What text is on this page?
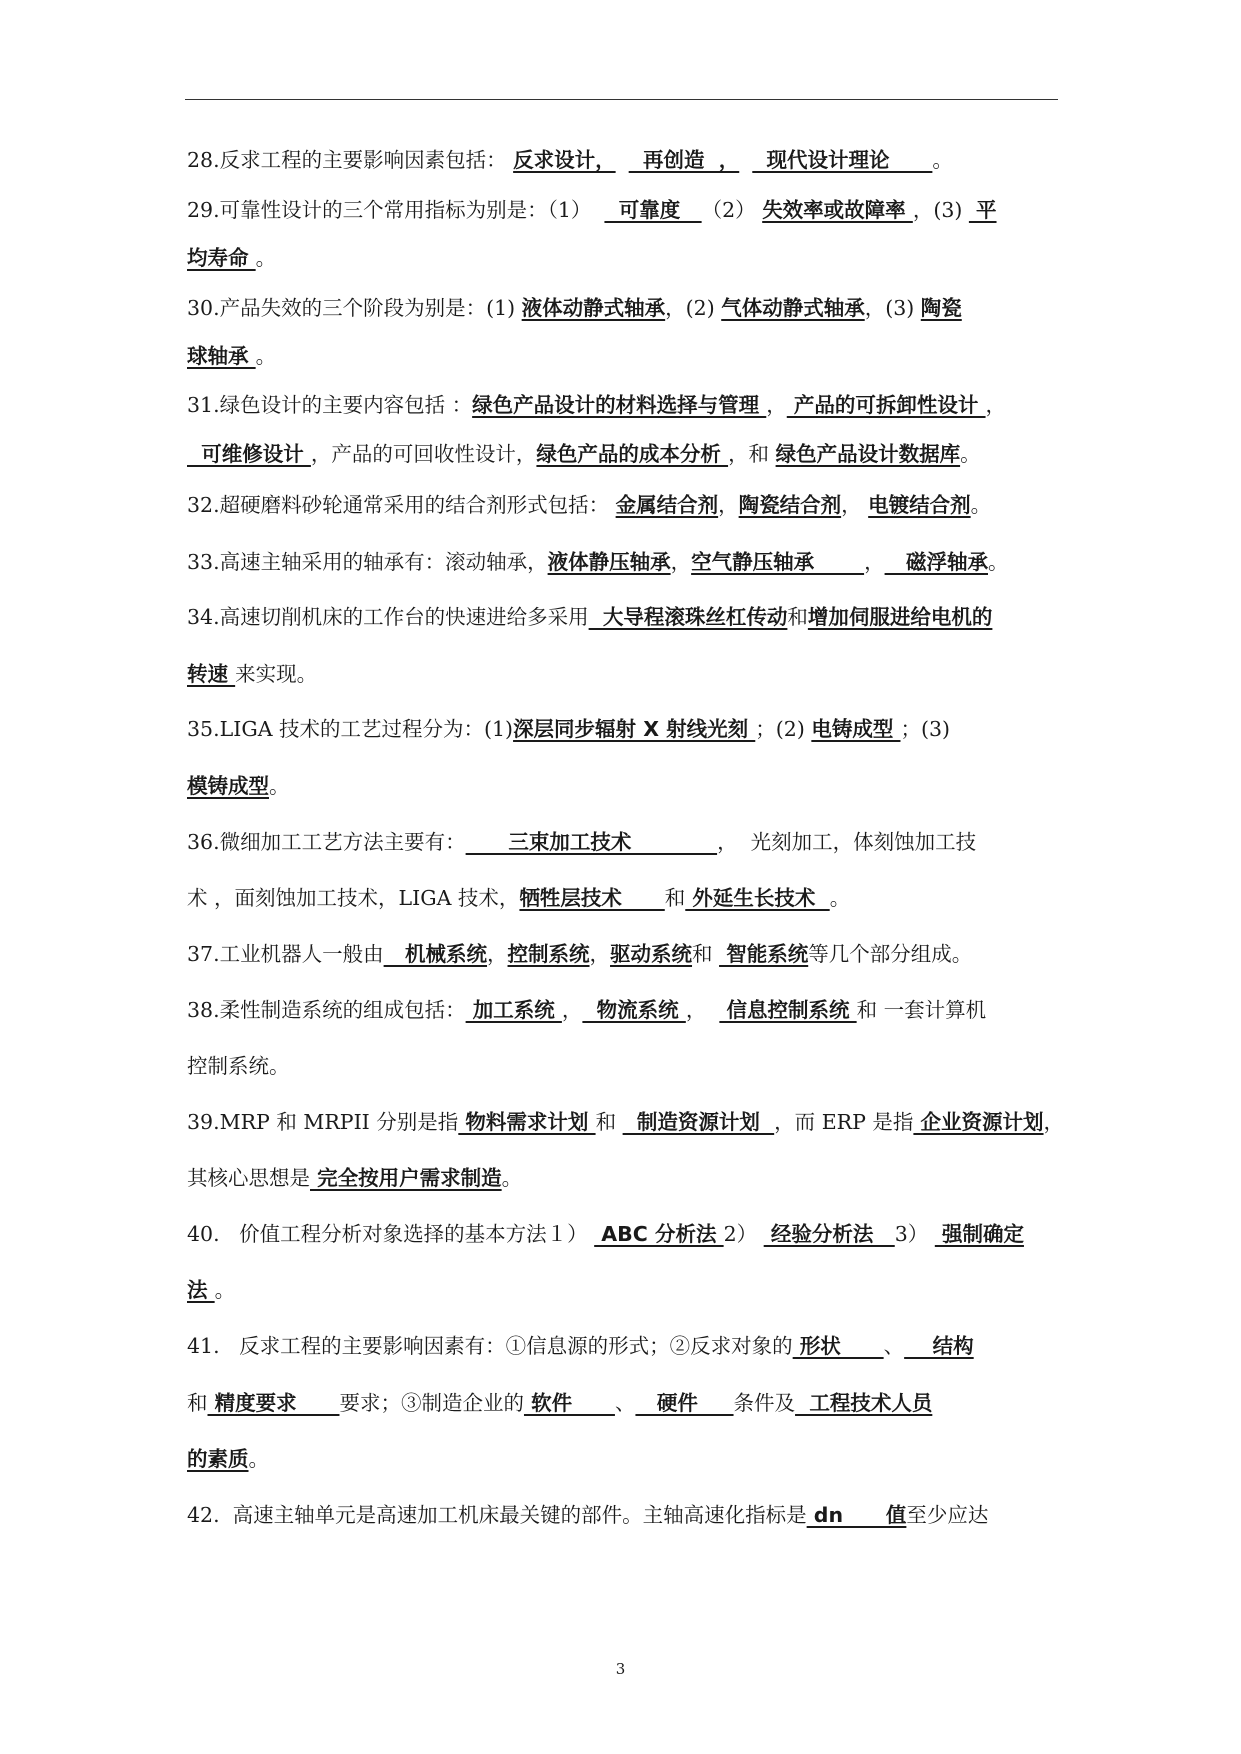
28.反求工程的主要影响因素包括： 反求设计，    再创造  ，    现代设计理论      。
29.可靠性设计的三个常用指标为别是：（1）    可靠度   （2） 失效率或故障率 ，(3)  平
均寿命 。
30.产品失效的三个阶段为别是：(1) 液体动静式轴承，(2) 气体动静式轴承，(3) 陶瓷
球轴承 。
31.绿色设计的主要内容包括 ：绿色产品设计的材料选择与管理 ， 产品的可拆卸性设计 ，
可维修设计 ，产品的可回收性设计，绿色产品的成本分析 ，和 绿色产品设计数据库。
32.超硬磨料砂轮通常采用的结合剂形式包括： 金属结合剂，陶瓷结合剂， 电镀结合剂。
33.高速主轴采用的轴承有：滚动轴承，液体静压轴承，空气静压轴承       ，   磁浮轴承。
34.高速切削机床的工作台的快速进给多采用  大导程滚珠丝杠传动和增加伺服进给电机的
转速 来实现。
35.LIGA 技术的工艺过程分为：(1)深层同步辐射 X 射线光刻 ；(2) 电铸成型 ；(3)
模铸成型。
36.微细加工工艺方法主要有：      三束加工技术            ，  光刻加工，体刻蚀加工技
术 ，面刻蚀加工技术，LIGA 技术，牺牲层技术      和 外延生长技术  。
37.工业机器人一般由   机械系统，控制系统，驱动系统和  智能系统等几个部分组成。
38.柔性制造系统的组成包括： 加工系统 ，  物流系统 ，   信息控制系统 和 一套计算机
控制系统。
39.MRP 和 MRPII 分别是指 物料需求计划 和   制造资源计划  ，而 ERP 是指 企业资源计划，
其核心思想是 完全按用户需求制造。
40.   价值工程分析对象选择的基本方法１）  ABC 分析法 2）  经验分析法   3）  强制确定
法 。
41.   反求工程的主要影响因素有：①信息源的形式；②反求对象的 形状      、    结构
和 精度要求      要求；③制造企业的 软件      、   硬件     条件及  工程技术人员
的素质。
42.  高速主轴单元是高速加工机床最关键的部件。主轴高速化指标是 dn      值至少应达
3
